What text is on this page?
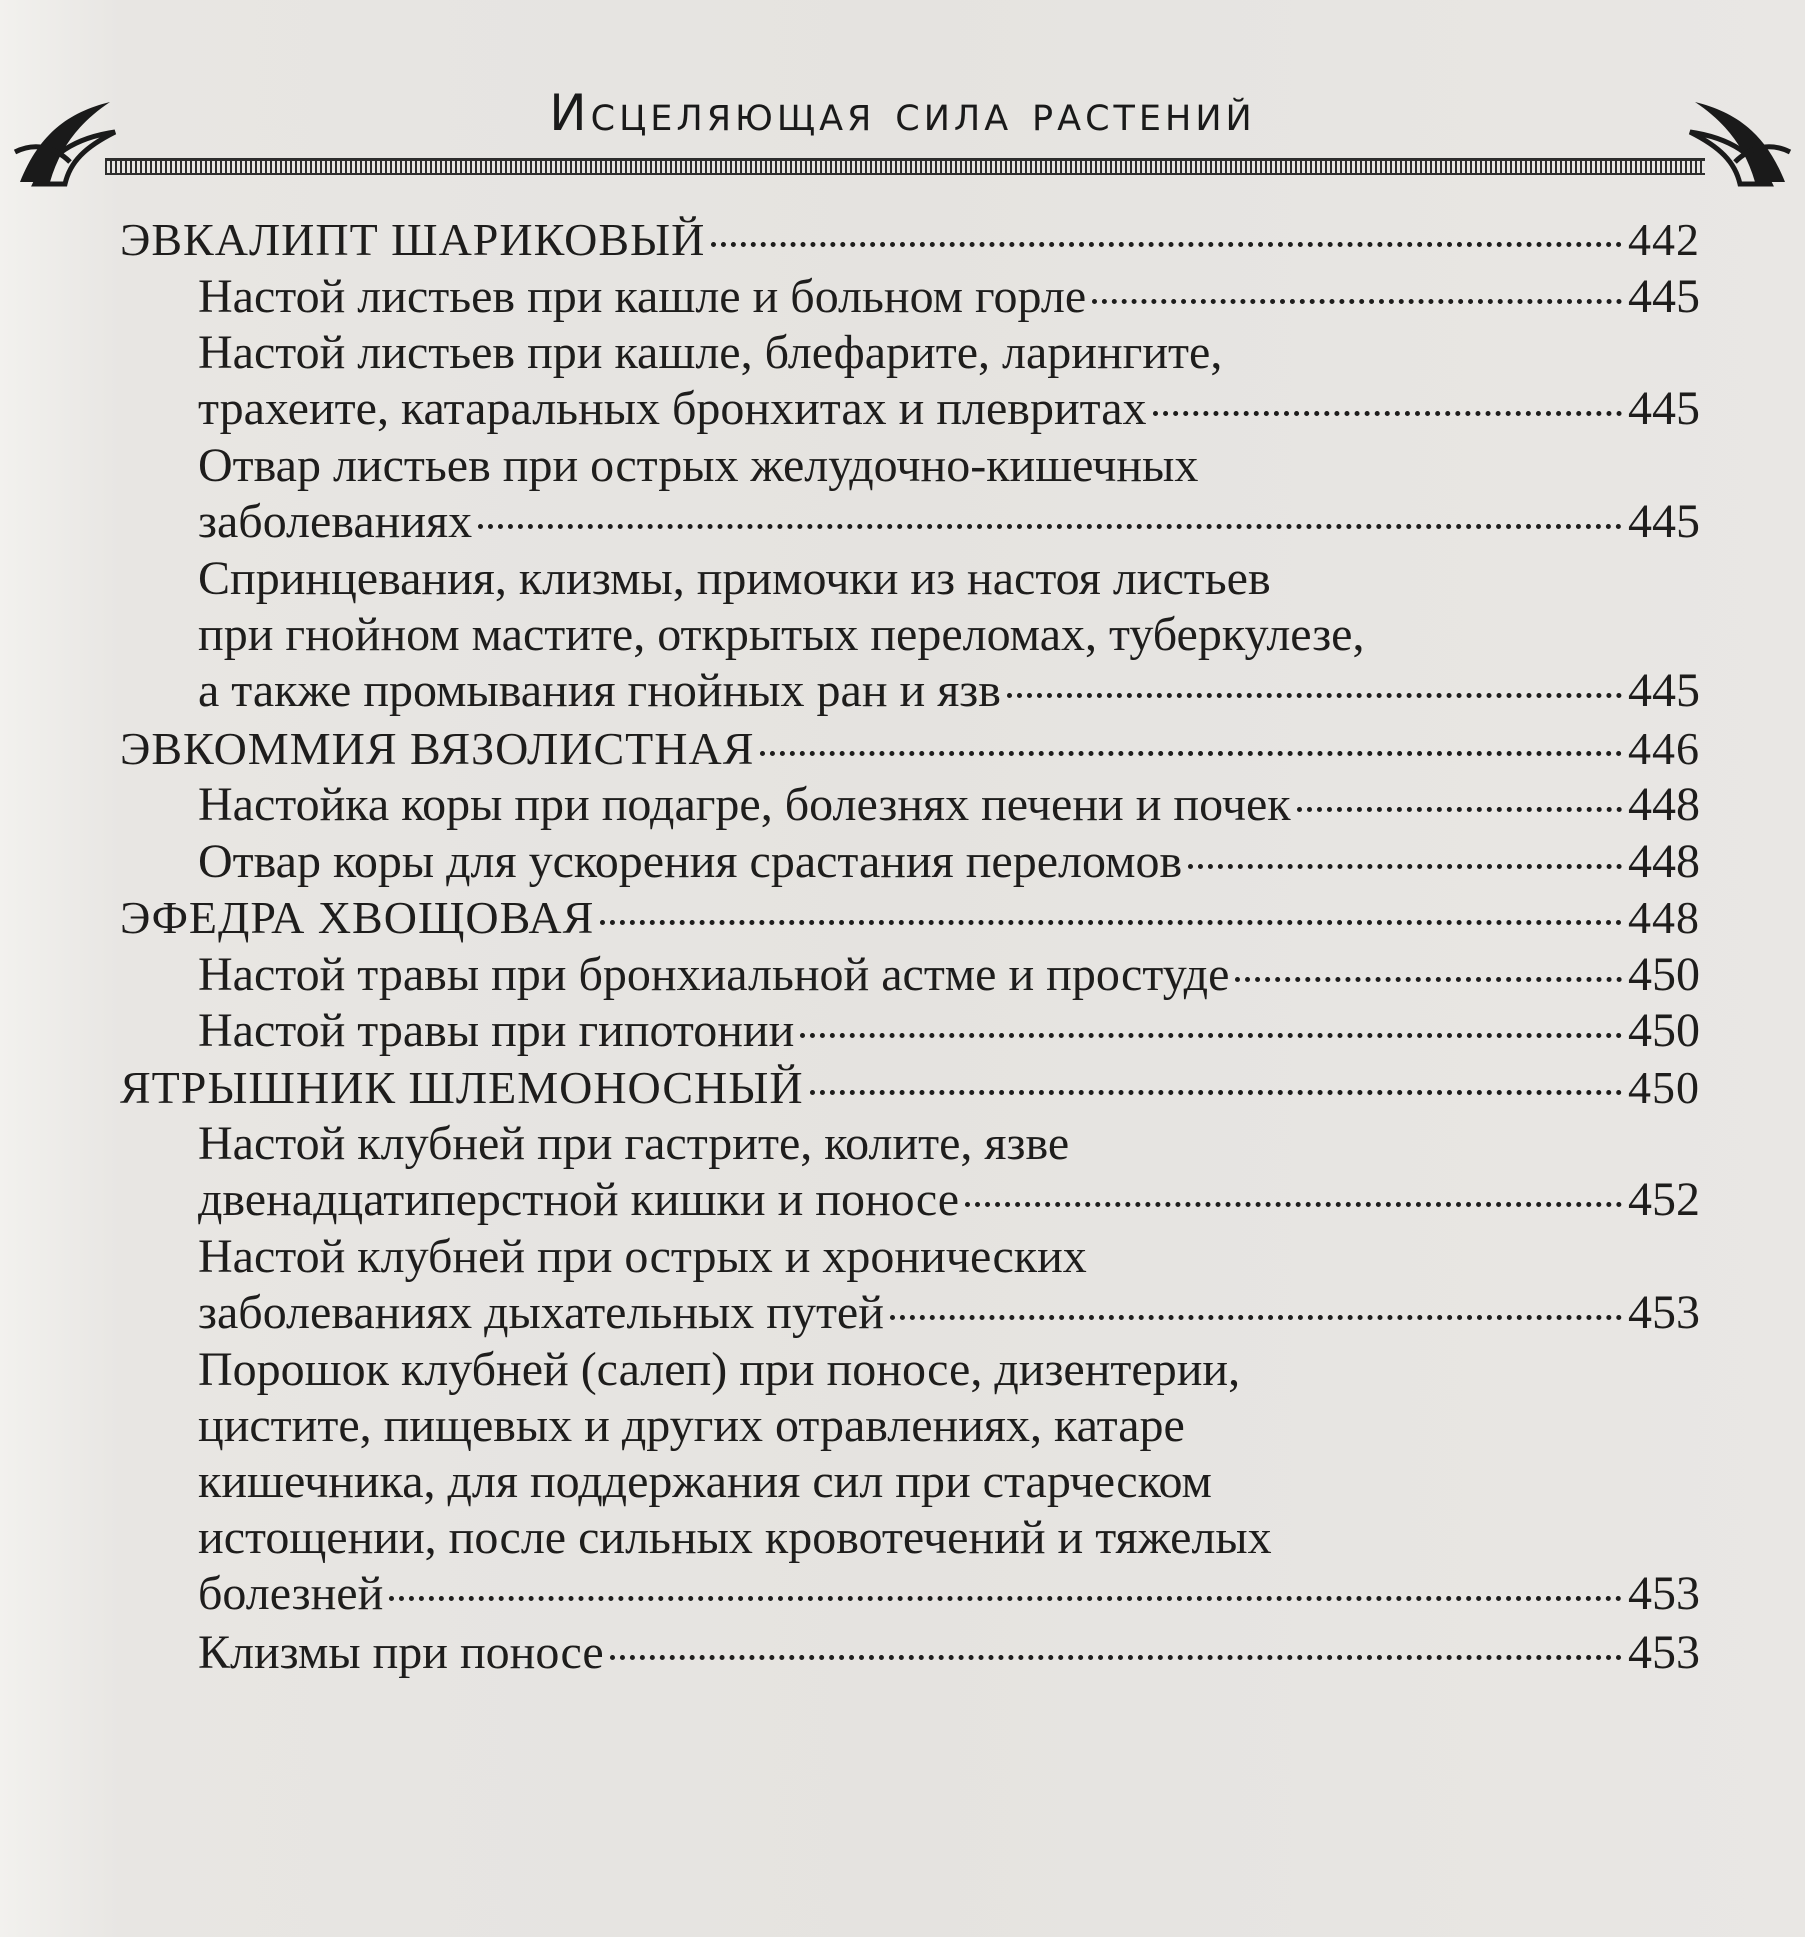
Исцеляющая сила растений
ЭВКАЛИПТ ШАРИКОВЫЙ	442
Настой листьев при кашле и больном горле	445
Настой листьев при кашле, блефарите, ларингите,
трахеите, катаральных бронхитах и плевритах	445
Отвар листьев при острых желудочно-кишечных
заболеваниях	445
Спринцевания, клизмы, примочки из настоя листьев
при гнойном мастите, открытых переломах, туберкулезе,
а также промывания гнойных ран и язв	445
ЭВКОММИЯ ВЯЗОЛИСТНАЯ	446
Настойка коры при подагре, болезнях печени и почек	448
Отвар коры для ускорения срастания переломов	448
ЭФЕДРА ХВОЩОВАЯ	448
Настой травы при бронхиальной астме и простуде	450
Настой травы при гипотонии	450
ЯТРЫШНИК ШЛЕМОНОСНЫЙ	450
Настой клубней при гастрите, колите, язве
двенадцатиперстной кишки и поносе	452
Настой клубней при острых и хронических
заболеваниях дыхательных путей	453
Порошок клубней (салеп) при поносе, дизентерии,
цистите, пищевых и других отравлениях, катаре
кишечника, для поддержания сил при старческом
истощении, после сильных кровотечений и тяжелых
болезней	453
Клизмы при поносе	453
